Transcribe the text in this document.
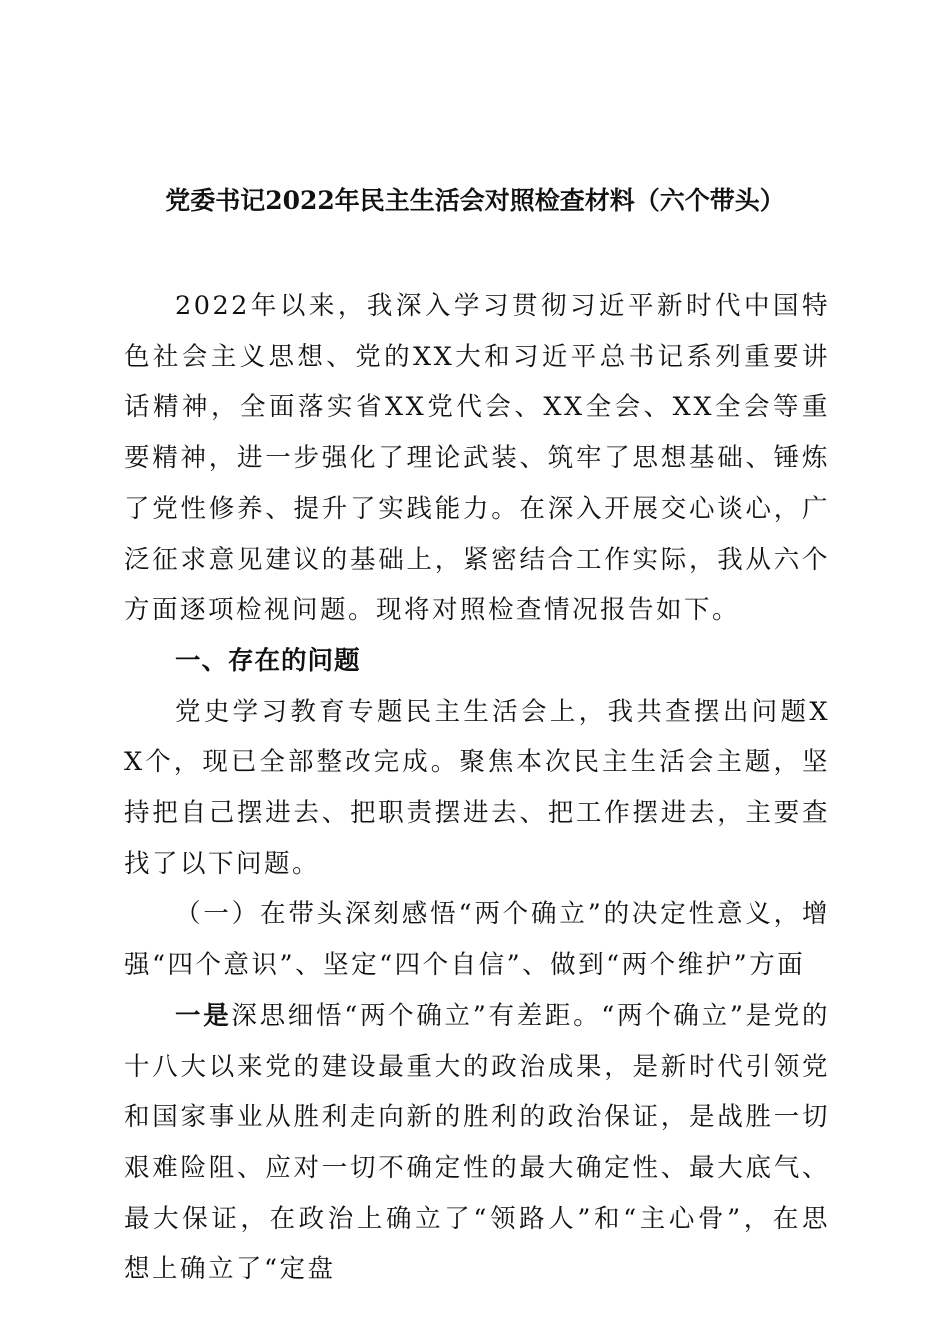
党委书记2022年民主生活会对照检查材料（六个带头）

2022年以来，我深入学习贯彻习近平新时代中国特色社会主义思想、党的XX大和习近平总书记系列重要讲话精神，全面落实省XX党代会、XX全会、XX全会等重要精神，进一步强化了理论武装、筑牢了思想基础、锤炼了党性修养、提升了实践能力。在深入开展交心谈心，广泛征求意见建议的基础上，紧密结合工作实际，我从六个方面逐项检视问题。现将对照检查情况报告如下。

一、存在的问题

党史学习教育专题民主生活会上，我共查摆出问题XX个，现已全部整改完成。聚焦本次民主生活会主题，坚持把自己摆进去、把职责摆进去、把工作摆进去，主要查找了以下问题。

（一）在带头深刻感悟“两个确立”的决定性意义，增强“四个意识”、坚定“四个自信”、做到“两个维护”方面

一是深思细悟“两个确立”有差距。“两个确立”是党的十八大以来党的建设最重大的政治成果，是新时代引领党和国家事业从胜利走向新的胜利的政治保证，是战胜一切艰难险阻、应对一切不确定性的最大确定性、最大底气、最大保证，在政治上确立了“领路人”和“主心骨”，在思想上确立了“定盘
